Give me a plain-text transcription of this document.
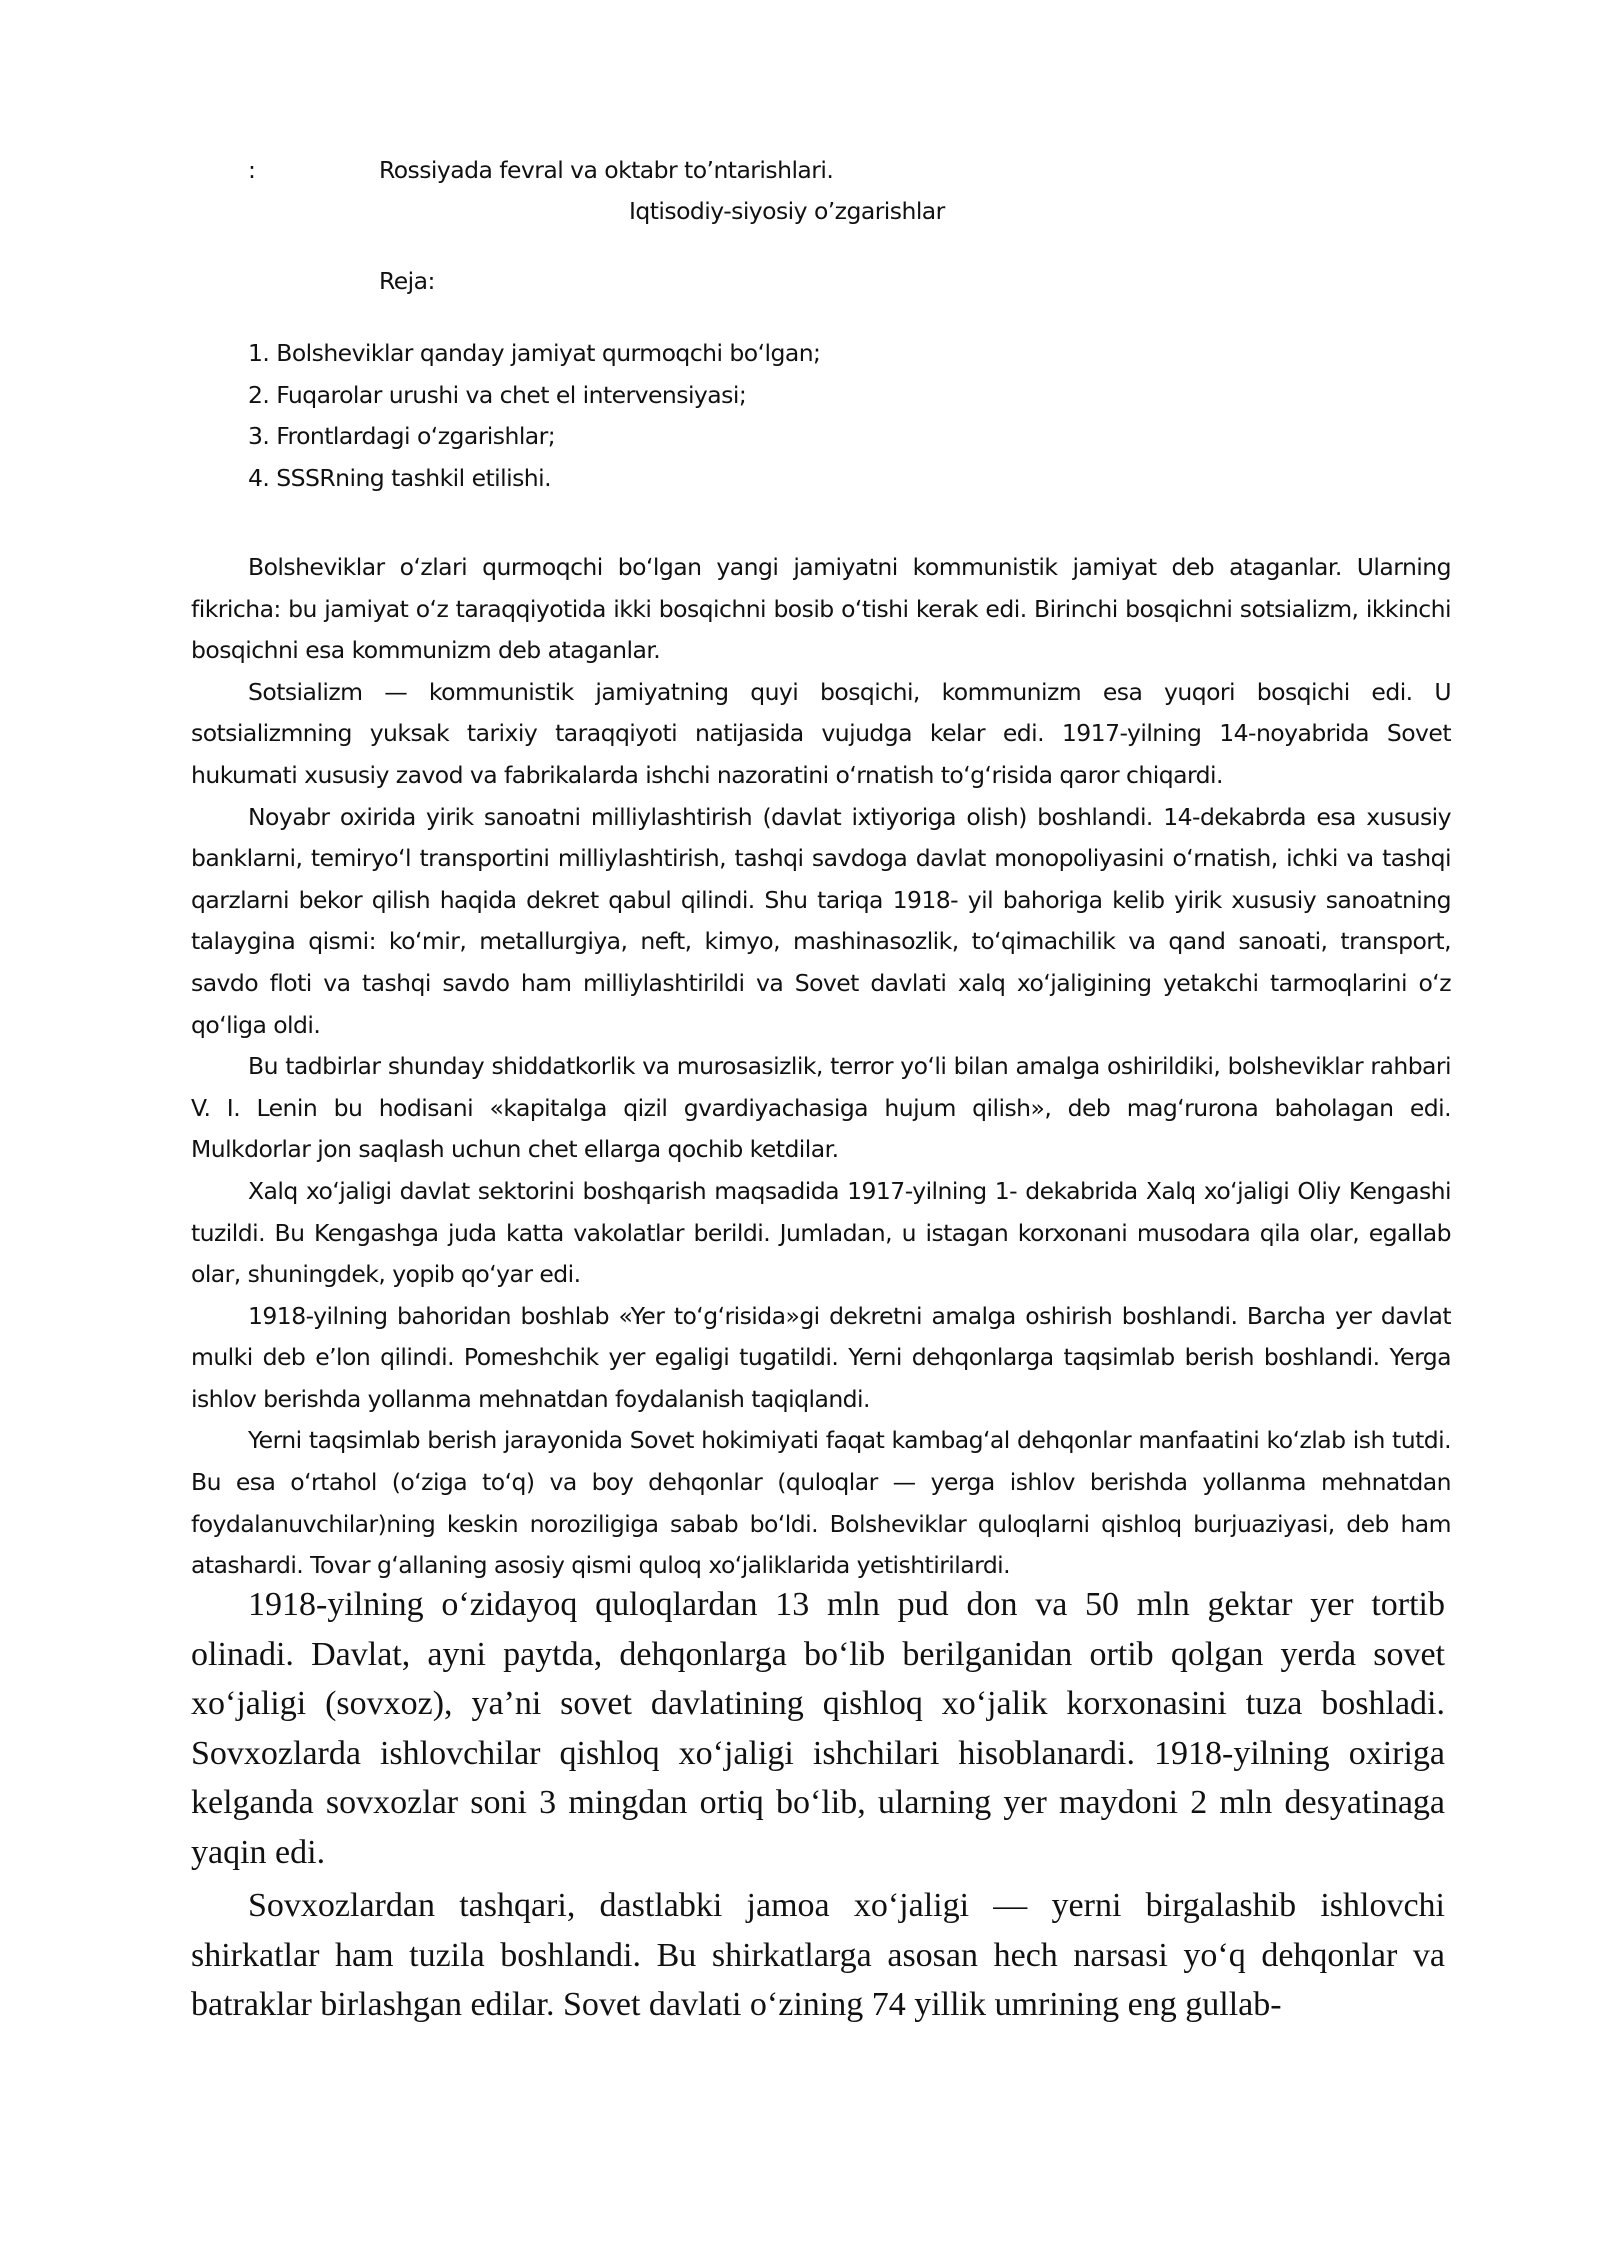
:	Rossiyada fevral va oktabr to’ntarishlari.
Iqtisodiy-siyosiy o’zgarishlar
Reja:
1. Bolsheviklar qanday jamiyat qurmoqchi boʻlgan;
2. Fuqarolar urushi va chet el intervensiyasi;
3. Frontlardagi oʻzgarishlar;
4. SSSRning tashkil etilishi.

Bolsheviklar oʻzlari qurmoqchi boʻlgan yangi jamiyatni kommunistik jamiyat deb ataganlar. Ularning fikricha: bu jamiyat oʻz taraqqiyotida ikki bosqichni bosib oʻtishi kerak edi. Birinchi bosqichni sotsializm, ikkinchi bosqichni esa kommunizm deb ataganlar.

Sotsializm — kommunistik jamiyatning quyi bosqichi, kommunizm esa yuqori bosqichi edi. U sotsializmning yuksak tarixiy taraqqiyoti natijasida vujudga kelar edi. 1917-yilning 14-noyabrida Sovet hukumati xususiy zavod va fabrikalarda ishchi nazoratini oʻrnatish toʻgʻrisida qaror chiqardi.

Noyabr oxirida yirik sanoatni milliylashtirish (davlat ixtiyoriga olish) boshlandi. 14-dekabrda esa xususiy banklarni, temiryoʻl transportini milliylashtirish, tashqi savdoga davlat monopoliyasini oʻrnatish, ichki va tashqi qarzlarni bekor qilish haqida dekret qabul qilindi. Shu tariqa 1918- yil bahoriga kelib yirik xususiy sanoatning talaygina qismi: koʻmir, metallurgiya, neft, kimyo, mashinasozlik, toʻqimachilik va qand sanoati, transport, savdo floti va tashqi savdo ham milliylashtirildi va Sovet davlati xalq xoʻjaligining yetakchi tarmoqlarini oʻz qoʻliga oldi.

Bu tadbirlar shunday shiddatkorlik va murosasizlik, terror yoʻli bilan amalga oshirildiki, bolsheviklar rahbari V. I. Lenin bu hodisani «kapitalga qizil gvardiyachasiga hujum qilish», deb magʻrurona baholagan edi. Mulkdorlar jon saqlash uchun chet ellarga qochib ketdilar.

Xalq xoʻjaligi davlat sektorini boshqarish maqsadida 1917-yilning 1- dekabrida Xalq xoʻjaligi Oliy Kengashi tuzildi. Bu Kengashga juda katta vakolatlar berildi. Jumladan, u istagan korxonani musodara qila olar, egallab olar, shuningdek, yopib qoʻyar edi.

1918-yilning bahoridan boshlab «Yer toʻgʻrisida»gi dekretni amalga oshirish boshlandi. Barcha yer davlat mulki deb e’lon qilindi. Pomeshchik yer egaligi tugatildi. Yerni dehqonlarga taqsimlab berish boshlandi. Yerga ishlov berishda yollanma mehnatdan foydalanish taqiqlandi.

Yerni taqsimlab berish jarayonida Sovet hokimiyati faqat kambagʻal dehqonlar manfaatini koʻzlab ish tutdi. Bu esa oʻrtahol (oʻziga toʻq) va boy dehqonlar (quloqlar — yerga ishlov berishda yollanma mehnatdan foydalanuvchilar)ning keskin noroziligiga sabab boʻldi. Bolsheviklar quloqlarni qishloq burjuaziyasi, deb ham atashardi. Tovar gʻallaning asosiy qismi quloq xoʻjaliklarida yetishtirilardi.

1918-yilning oʻzidayoq quloqlardan 13 mln pud don va 50 mln gektar yer tortib olinadi. Davlat, ayni paytda, dehqonlarga boʻlib berilganidan ortib qolgan yerda sovet xoʻjaligi (sovxoz), ya’ni sovet davlatining qishloq xoʻjalik korxonasini tuza boshladi. Sovxozlarda ishlovchilar qishloq xoʻjaligi ishchilari hisoblanardi. 1918-yilning oxiriga kelganda sovxozlar soni 3 mingdan ortiq boʻlib, ularning yer maydoni 2 mln desyatinaga yaqin edi.

Sovxozlardan tashqari, dastlabki jamoa xoʻjaligi — yerni birgalashib ishlovchi shirkatlar ham tuzila boshlandi. Bu shirkatlarga asosan hech narsasi yoʻq dehqonlar va batraklar birlashgan edilar. Sovet davlati oʻzining 74 yillik umrining eng gullab-
